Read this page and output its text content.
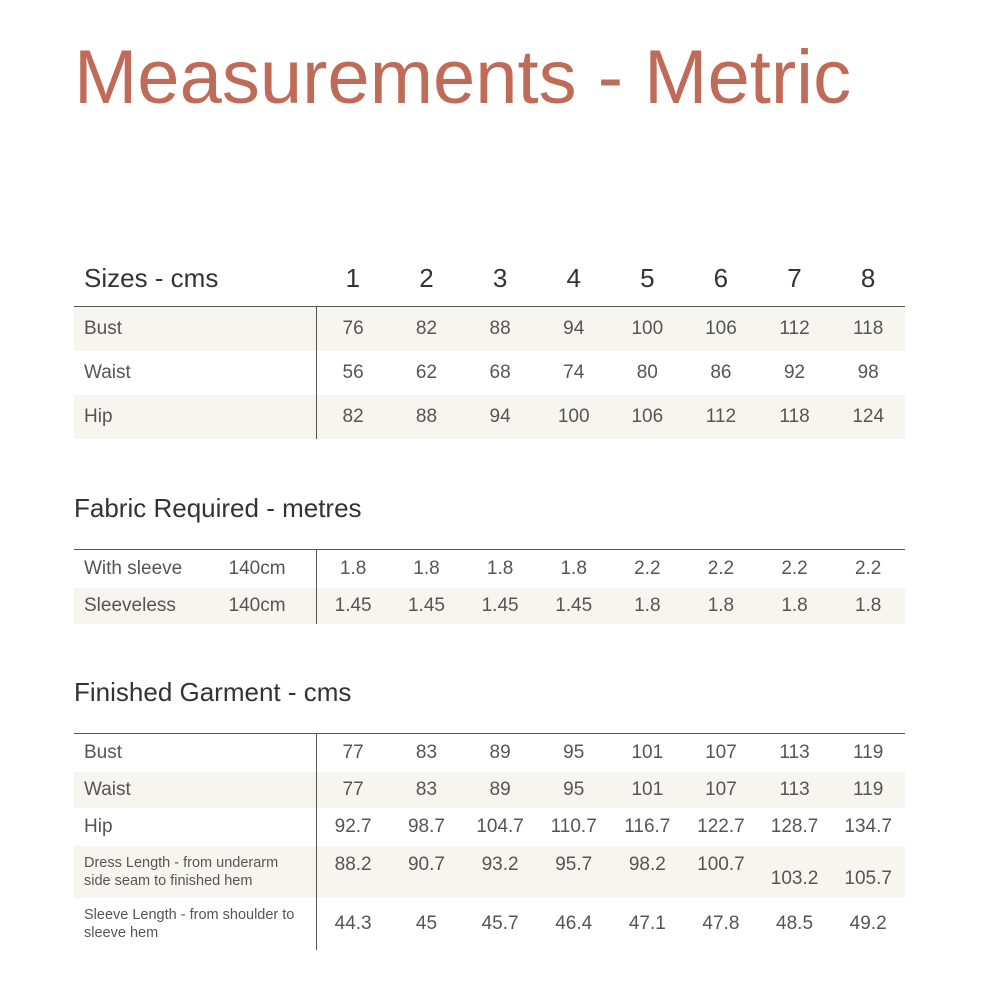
Measurements - Metric
Sizes - cms	1	2	3	4	5	6	7	8
Bust	76	82	88	94	100	106	112	118
Waist	56	62	68	74	80	86	92	98
Hip	82	88	94	100	106	112	118	124
Fabric Required - metres
With sleeve 140cm	1.8	1.8	1.8	1.8	2.2	2.2	2.2	2.2

Sleeveless 140cm	1.45	1.45	1.45	1.45	1.8	1.8	1.8	1.8
Finished Garment - cms
Bust	77	83	89	95	101	107	113	119
Waist	77	83	89	95	101	107	113	119
Hip	92.7	98.7	104.7	110.7	116.7	122.7	128.7	134.7

Dress Length - from underarm side seam to finished hem	88.2	90.7	93.2	95.7	98.2	100.7	103.2	105.7

Sleeve Length - from shoulder to sleeve hem	44.3	45	45.7	46.4	47.1	47.8	48.5	49.2
